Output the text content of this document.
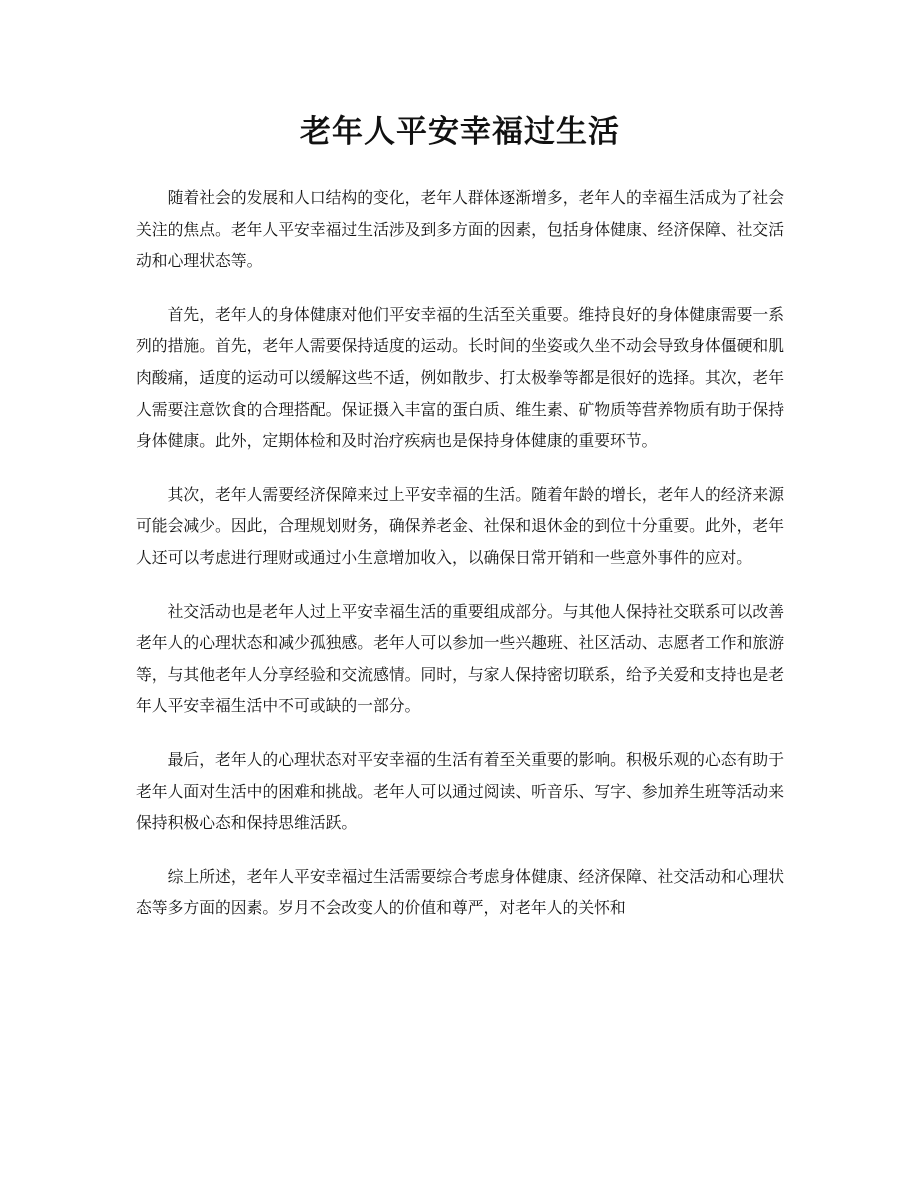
老年人平安幸福过生活

随着社会的发展和人口结构的变化，老年人群体逐渐增多，老年人的幸福生活成为了社会关注的焦点。老年人平安幸福过生活涉及到多方面的因素，包括身体健康、经济保障、社交活动和心理状态等。

首先，老年人的身体健康对他们平安幸福的生活至关重要。维持良好的身体健康需要一系列的措施。首先，老年人需要保持适度的运动。长时间的坐姿或久坐不动会导致身体僵硬和肌肉酸痛，适度的运动可以缓解这些不适，例如散步、打太极拳等都是很好的选择。其次，老年人需要注意饮食的合理搭配。保证摄入丰富的蛋白质、维生素、矿物质等营养物质有助于保持身体健康。此外，定期体检和及时治疗疾病也是保持身体健康的重要环节。

其次，老年人需要经济保障来过上平安幸福的生活。随着年龄的增长，老年人的经济来源可能会减少。因此，合理规划财务，确保养老金、社保和退休金的到位十分重要。此外，老年人还可以考虑进行理财或通过小生意增加收入，以确保日常开销和一些意外事件的应对。

社交活动也是老年人过上平安幸福生活的重要组成部分。与其他人保持社交联系可以改善老年人的心理状态和减少孤独感。老年人可以参加一些兴趣班、社区活动、志愿者工作和旅游等，与其他老年人分享经验和交流感情。同时，与家人保持密切联系，给予关爱和支持也是老年人平安幸福生活中不可或缺的一部分。

最后，老年人的心理状态对平安幸福的生活有着至关重要的影响。积极乐观的心态有助于老年人面对生活中的困难和挑战。老年人可以通过阅读、听音乐、写字、参加养生班等活动来保持积极心态和保持思维活跃。

综上所述，老年人平安幸福过生活需要综合考虑身体健康、经济保障、社交活动和心理状态等多方面的因素。岁月不会改变人的价值和尊严，对老年人的关怀和
